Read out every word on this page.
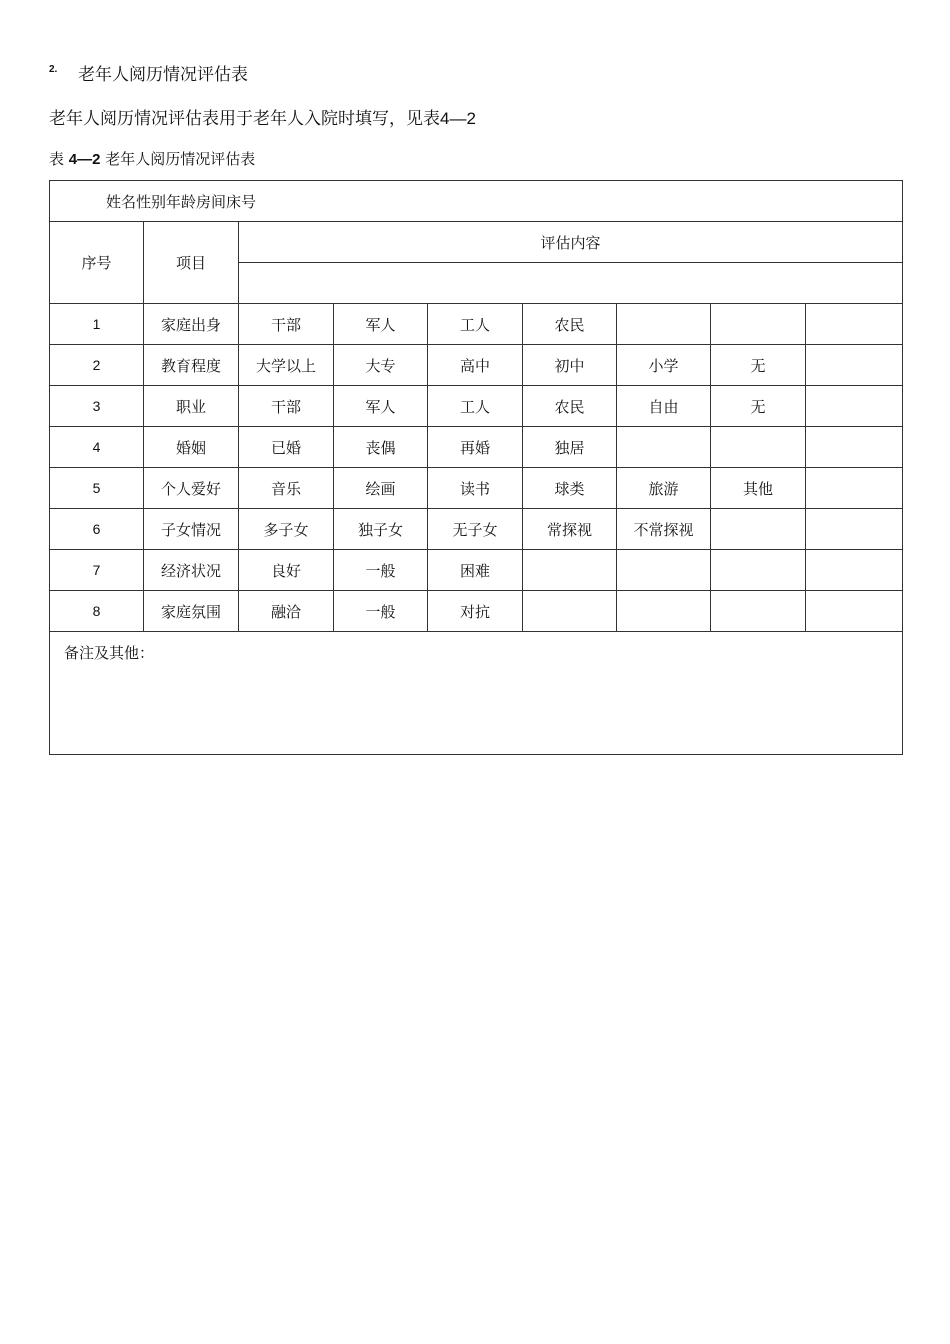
2. 老年人阅历情况评估表
老年人阅历情况评估表用于老年人入院时填写，见表4—2
表 4—2 老年人阅历情况评估表
姓名性别年龄房间床号								
序号	项目	评估内容						

1	家庭出身	干部	军人	工人	农民			
2	教育程度	大学以上	大专	高中	初中	小学	无	
3	职业	干部	军人	工人	农民	自由	无	
4	婚姻	已婚	丧偶	再婚	独居			
5	个人爱好	音乐	绘画	读书	球类	旅游	其他	
6	子女情况	多子女	独子女	无子女	常探视	不常探视		
7	经济状况	良好	一般	困难				
8	家庭氛围	融洽	一般	对抗				
备注及其他：								
